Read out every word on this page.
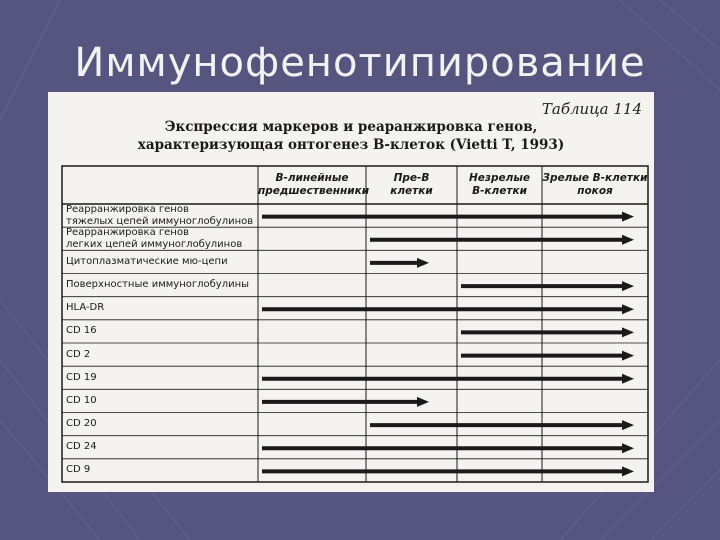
Иммунофенотипирование
Таблица 114
Экспрессия маркеров и реаранжировка генов,
характеризующая онтогенез В-клеток (Vietti T, 1993)
В-линейные
предшественники
Пре-В
клетки
Незрелые
В-клетки
Зрелые В-клетки
покоя
Реарранжировка генов
тяжелых цепей иммуноглобулинов
Реарранжировка генов
легких цепей иммуноглобулинов
Цитоплазматические мю-цепи
Поверхностные иммуноглобулины
HLA-DR
CD 16
CD 2
CD 19
CD 10
CD 20
CD 24
CD 9
